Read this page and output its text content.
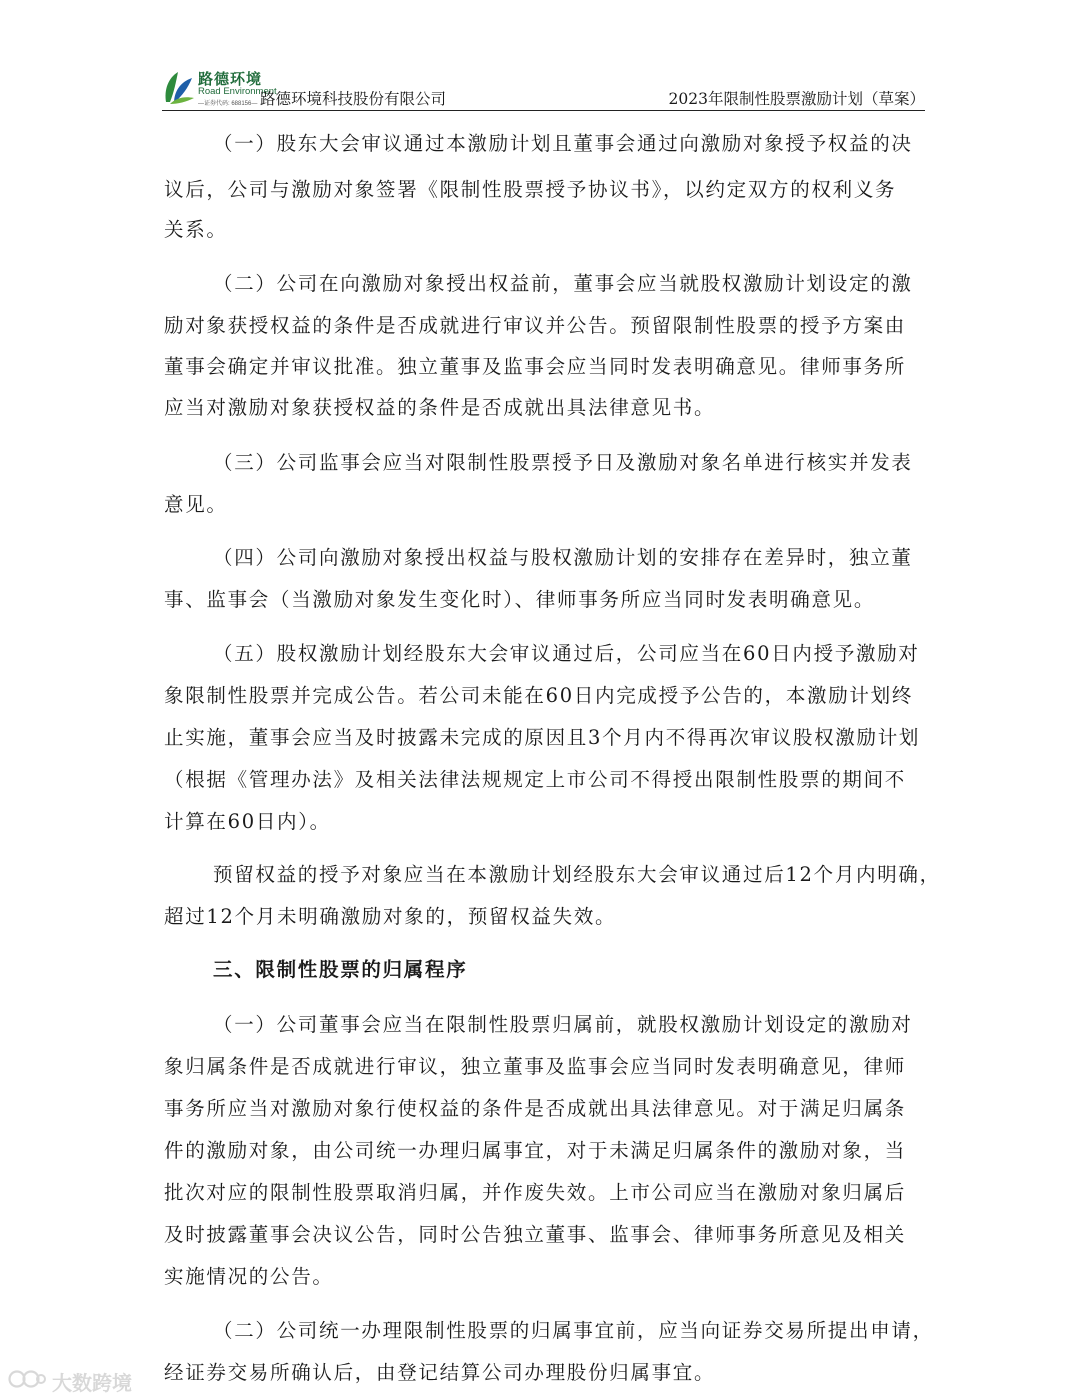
路德环境
Road Environment
—证券代码: 688156— 路德环境科技股份有限公司	2023年限制性股票激励计划（草案）
（一）股东大会审议通过本激励计划且董事会通过向激励对象授予权益的决
议后，公司与激励对象签署《限制性股票授予协议书》，以约定双方的权利义务
关系。
（二）公司在向激励对象授出权益前，董事会应当就股权激励计划设定的激
励对象获授权益的条件是否成就进行审议并公告。预留限制性股票的授予方案由
董事会确定并审议批准。独立董事及监事会应当同时发表明确意见。律师事务所
应当对激励对象获授权益的条件是否成就出具法律意见书。
（三）公司监事会应当对限制性股票授予日及激励对象名单进行核实并发表
意见。
（四）公司向激励对象授出权益与股权激励计划的安排存在差异时，独立董
事、监事会（当激励对象发生变化时）、律师事务所应当同时发表明确意见。
（五）股权激励计划经股东大会审议通过后，公司应当在60日内授予激励对
象限制性股票并完成公告。若公司未能在60日内完成授予公告的，本激励计划终
止实施，董事会应当及时披露未完成的原因且3个月内不得再次审议股权激励计划
（根据《管理办法》及相关法律法规规定上市公司不得授出限制性股票的期间不
计算在60日内）。
预留权益的授予对象应当在本激励计划经股东大会审议通过后12个月内明确，
超过12个月未明确激励对象的，预留权益失效。
三、限制性股票的归属程序
（一）公司董事会应当在限制性股票归属前，就股权激励计划设定的激励对
象归属条件是否成就进行审议，独立董事及监事会应当同时发表明确意见，律师
事务所应当对激励对象行使权益的条件是否成就出具法律意见。对于满足归属条
件的激励对象，由公司统一办理归属事宜，对于未满足归属条件的激励对象，当
批次对应的限制性股票取消归属，并作废失效。上市公司应当在激励对象归属后
及时披露董事会决议公告，同时公告独立董事、监事会、律师事务所意见及相关
实施情况的公告。
（二）公司统一办理限制性股票的归属事宜前，应当向证券交易所提出申请，
经证券交易所确认后，由登记结算公司办理股份归属事宜。
大数跨境
